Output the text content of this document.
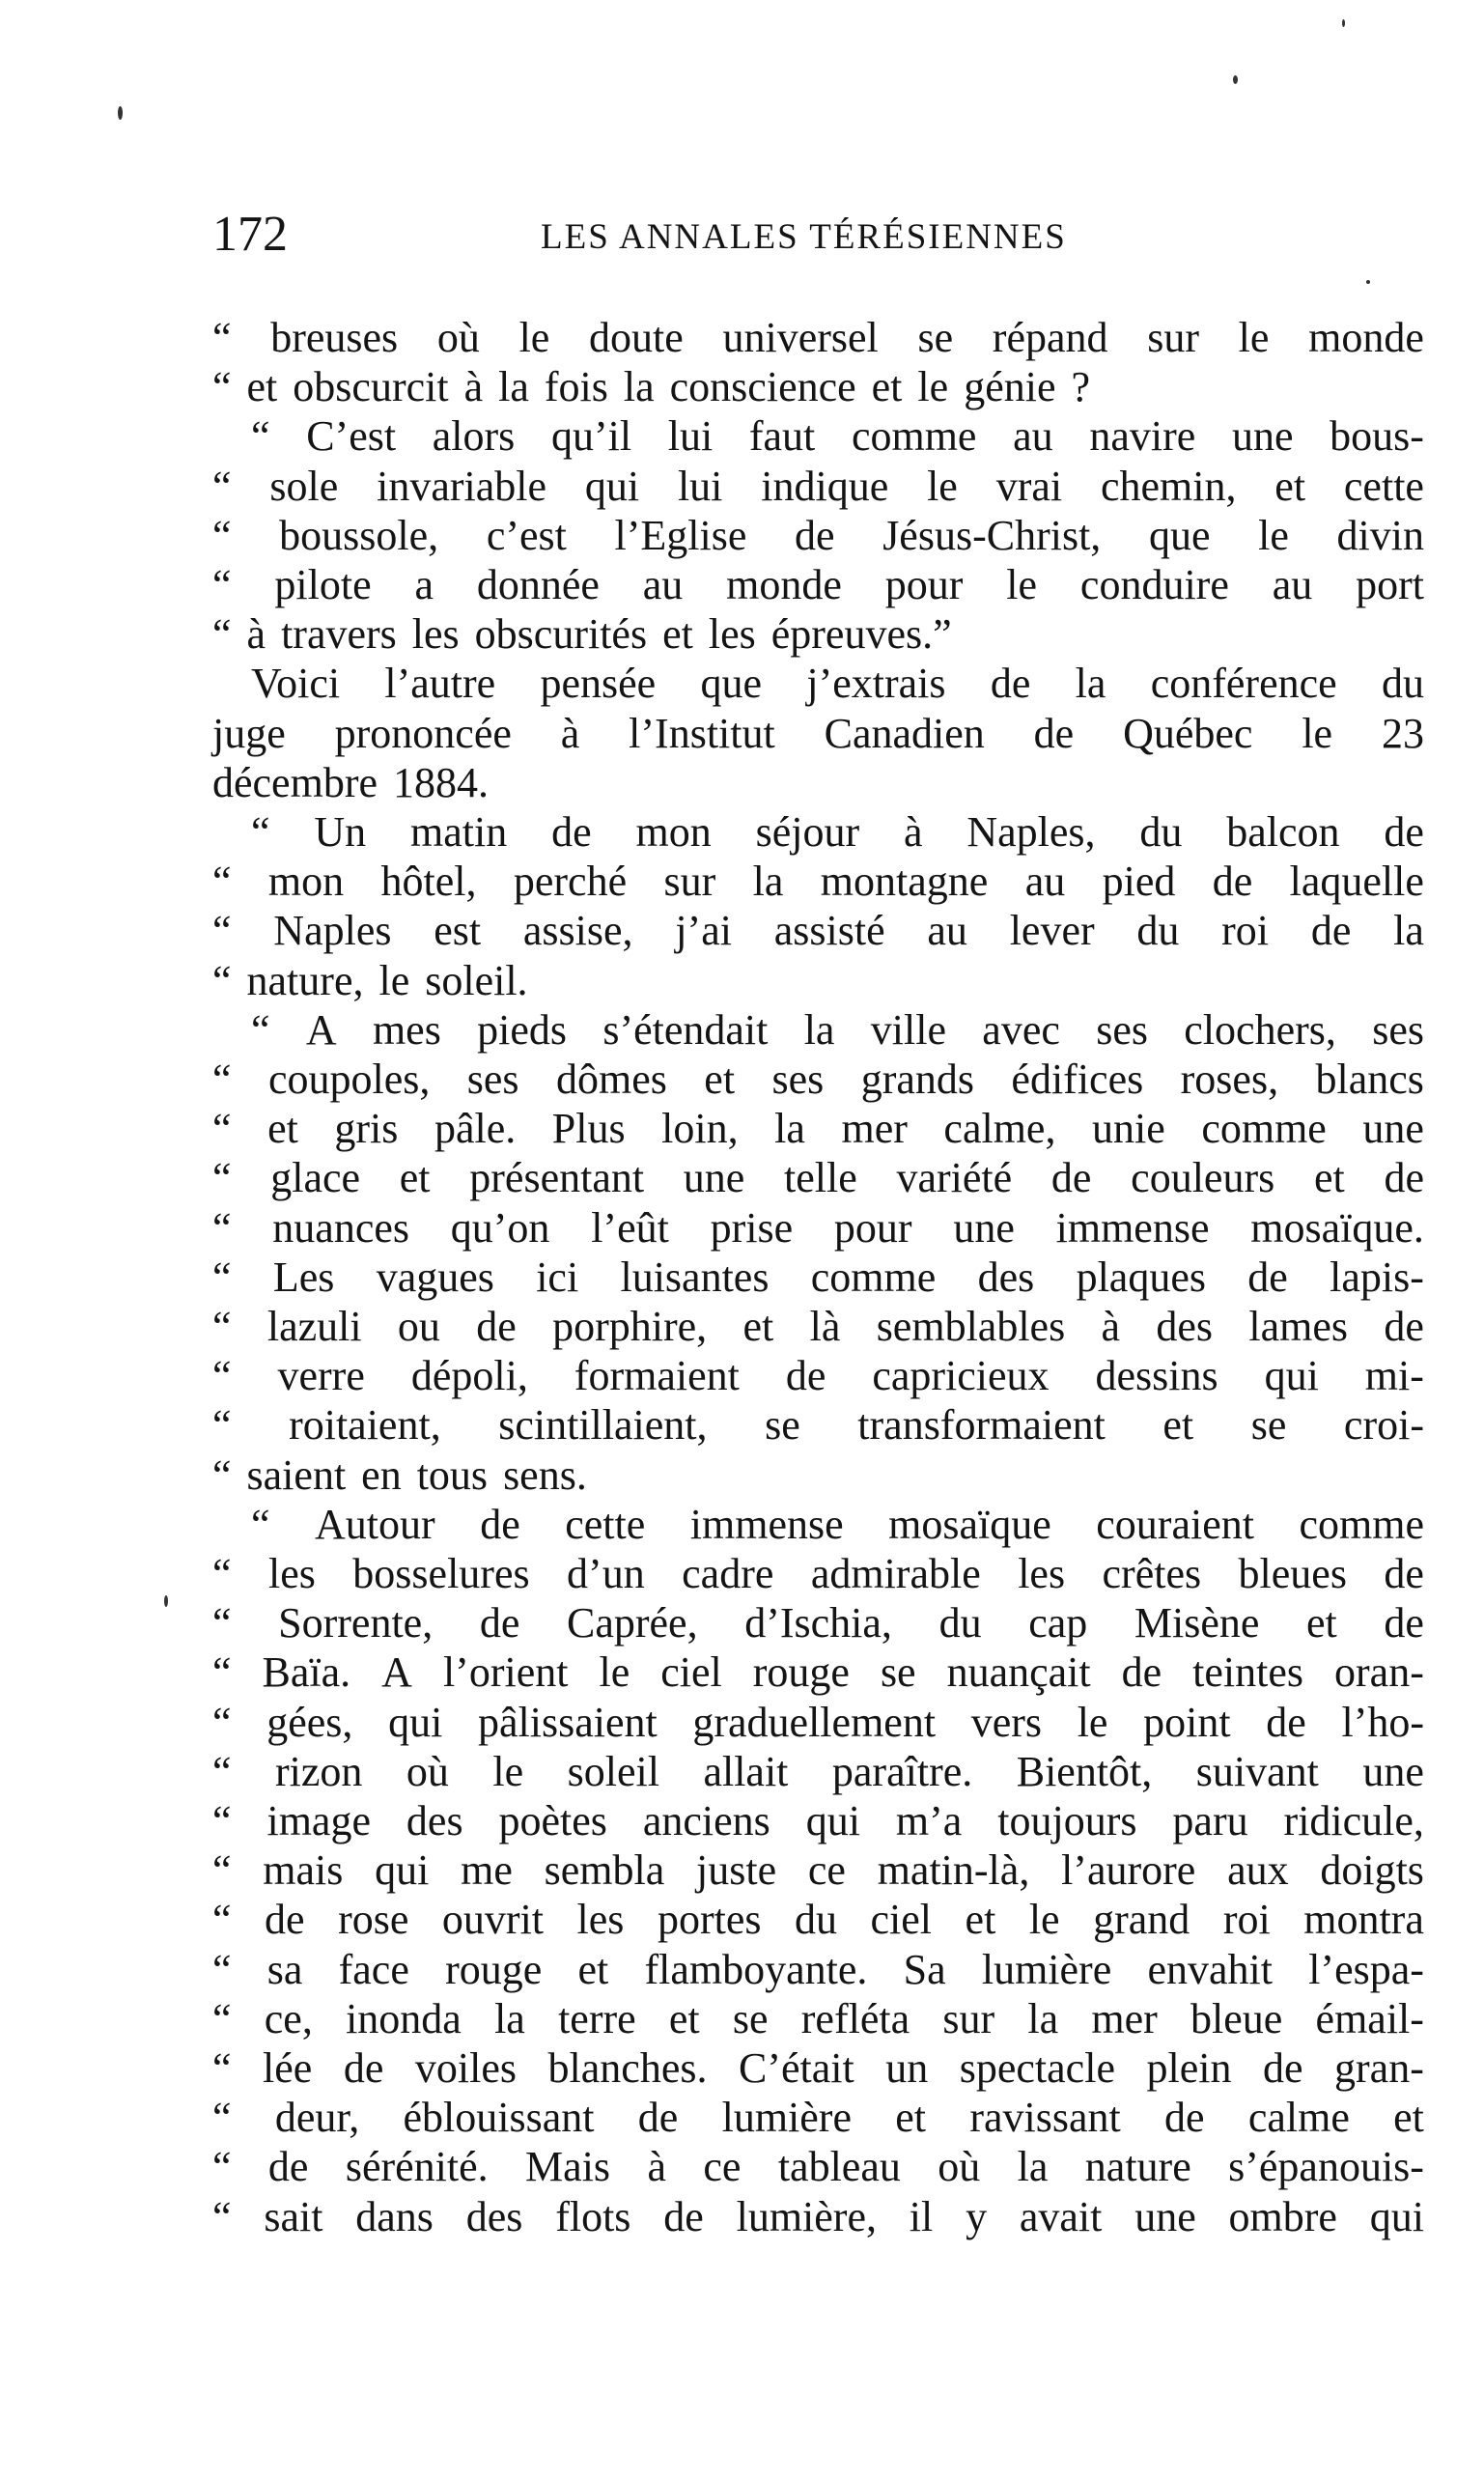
172	LES ANNALES TÉRÉSIENNES
“ breuses où le doute universel se répand sur le monde
“ et obscurcit à la fois la conscience et le génie ?
“ C’est alors qu’il lui faut comme au navire une bous-
“ sole invariable qui lui indique le vrai chemin, et cette
“ boussole, c’est l’Eglise de Jésus-Christ, que le divin
“ pilote a donnée au monde pour le conduire au port
“ à travers les obscurités et les épreuves.”
Voici l’autre pensée que j’extrais de la conférence du
juge prononcée à l’Institut Canadien de Québec le 23
décembre 1884.
“ Un matin de mon séjour à Naples, du balcon de
“ mon hôtel, perché sur la montagne au pied de laquelle
“ Naples est assise, j’ai assisté au lever du roi de la
“ nature, le soleil.
“ A mes pieds s’étendait la ville avec ses clochers, ses
“ coupoles, ses dômes et ses grands édifices roses, blancs
“ et gris pâle. Plus loin, la mer calme, unie comme une
“ glace et présentant une telle variété de couleurs et de
“ nuances qu’on l’eût prise pour une immense mosaïque.
“ Les vagues ici luisantes comme des plaques de lapis-
“ lazuli ou de porphire, et là semblables à des lames de
“ verre dépoli, formaient de capricieux dessins qui mi-
“ roitaient, scintillaient, se transformaient et se croi-
“ saient en tous sens.
“ Autour de cette immense mosaïque couraient comme
“ les bosselures d’un cadre admirable les crêtes bleues de
“ Sorrente, de Caprée, d’Ischia, du cap Misène et de
“ Baïa. A l’orient le ciel rouge se nuançait de teintes oran-
“ gées, qui pâlissaient graduellement vers le point de l’ho-
“ rizon où le soleil allait paraître. Bientôt, suivant une
“ image des poètes anciens qui m’a toujours paru ridicule,
“ mais qui me sembla juste ce matin-là, l’aurore aux doigts
“ de rose ouvrit les portes du ciel et le grand roi montra
“ sa face rouge et flamboyante. Sa lumière envahit l’espa-
“ ce, inonda la terre et se refléta sur la mer bleue émail-
“ lée de voiles blanches. C’était un spectacle plein de gran-
“ deur, éblouissant de lumière et ravissant de calme et
“ de sérénité. Mais à ce tableau où la nature s’épanouis-
“ sait dans des flots de lumière, il y avait une ombre qui
